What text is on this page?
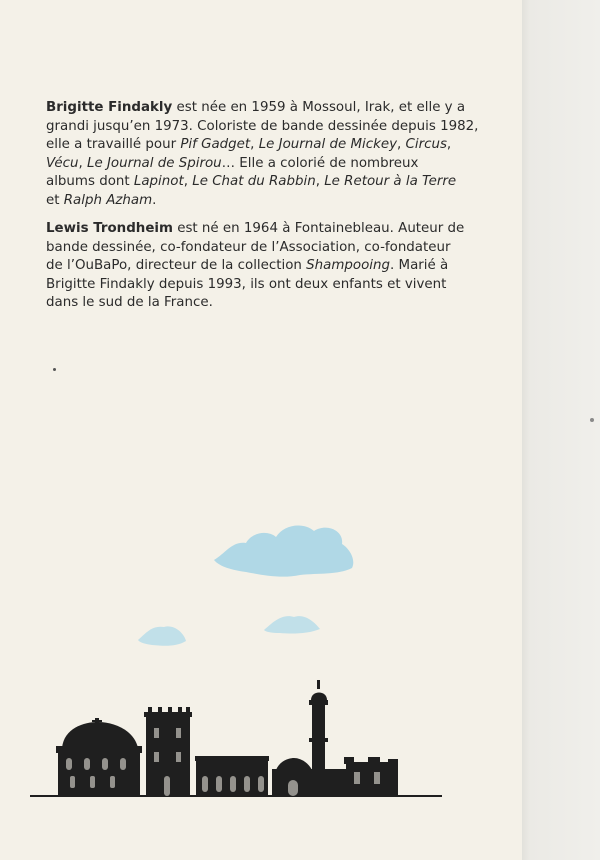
Brigitte Findakly est née en 1959 à Mossoul, Irak, et elle y a
grandi jusqu’en 1973. Coloriste de bande dessinée depuis 1982,
elle a travaillé pour Pif Gadget, Le Journal de Mickey, Circus,
Vécu, Le Journal de Spirou… Elle a colorié de nombreux
albums dont Lapinot, Le Chat du Rabbin, Le Retour à la Terre
et Ralph Azham.
Lewis Trondheim est né en 1964 à Fontainebleau. Auteur de
bande dessinée, co-fondateur de l’Association, co-fondateur
de l’OuBaPo, directeur de la collection Shampooing. Marié à
Brigitte Findakly depuis 1993, ils ont deux enfants et vivent
dans le sud de la France.
